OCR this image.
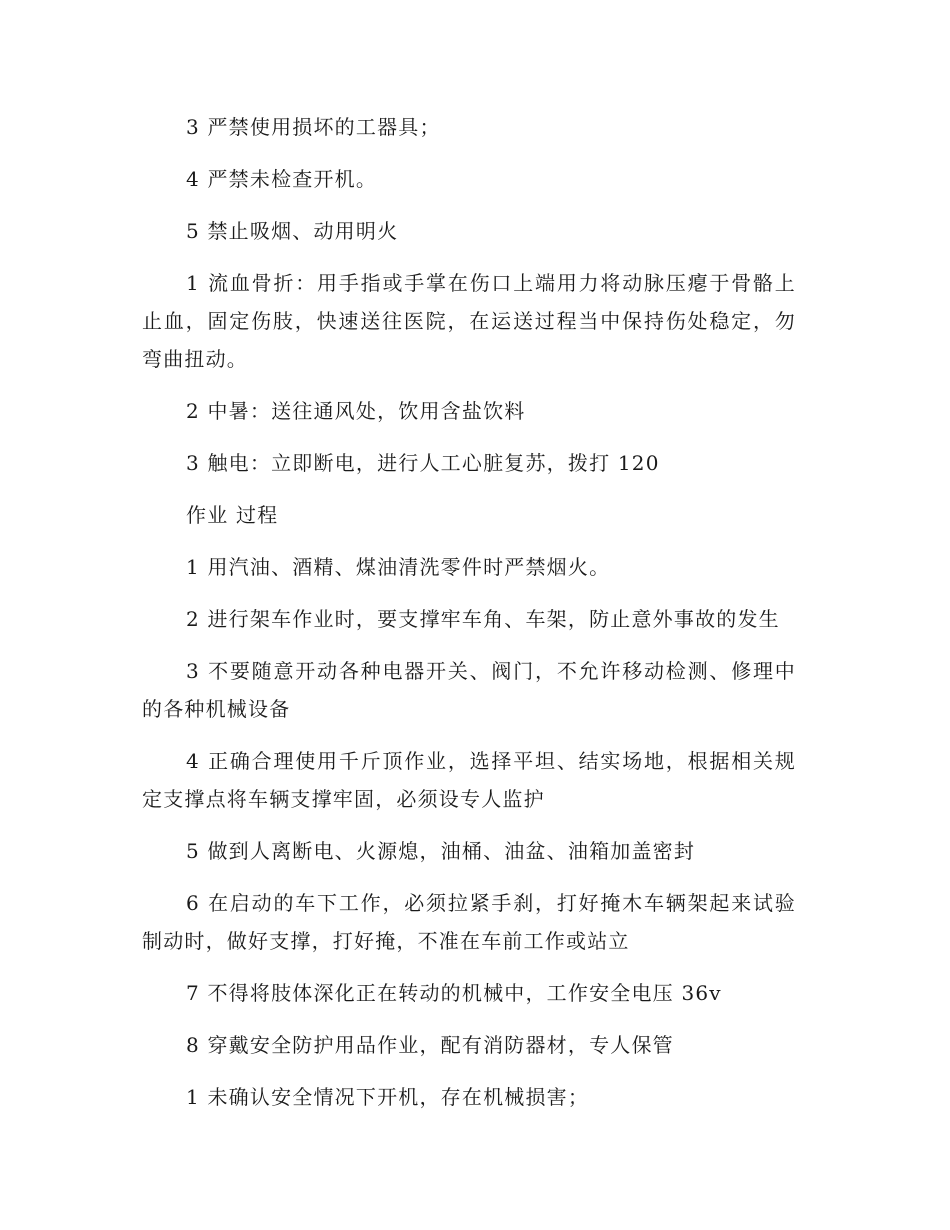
3 严禁使用损坏的工器具；

4 严禁未检查开机。

5 禁止吸烟、动用明火

1 流血骨折：用手指或手掌在伤口上端用力将动脉压瘪于骨骼上止血，固定伤肢，快速送往医院，在运送过程当中保持伤处稳定，勿弯曲扭动。

2 中暑：送往通风处，饮用含盐饮料

3 触电：立即断电，进行人工心脏复苏，拨打 120

作业 过程

1 用汽油、酒精、煤油清洗零件时严禁烟火。

2 进行架车作业时，要支撑牢车角、车架，防止意外事故的发生

3 不要随意开动各种电器开关、阀门，不允许移动检测、修理中的各种机械设备

4 正确合理使用千斤顶作业，选择平坦、结实场地，根据相关规定支撑点将车辆支撑牢固，必须设专人监护

5 做到人离断电、火源熄，油桶、油盆、油箱加盖密封

6 在启动的车下工作，必须拉紧手刹，打好掩木车辆架起来试验制动时，做好支撑，打好掩，不准在车前工作或站立

7 不得将肢体深化正在转动的机械中，工作安全电压 36v

8 穿戴安全防护用品作业，配有消防器材，专人保管

1 未确认安全情况下开机，存在机械损害；
